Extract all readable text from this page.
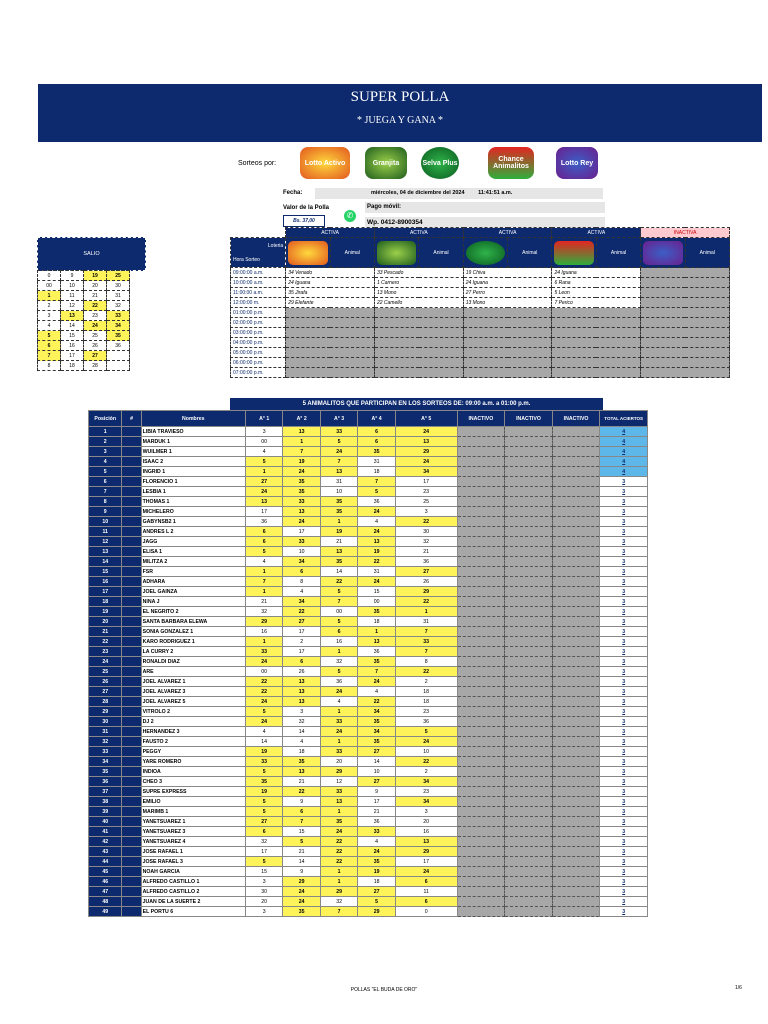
SUPER POLLA
* JUEGA Y GANA *
Sorteos por:	Lotto Activo	Granjita	Selva Plus	Chance Animalitos	Lotto Rey
Fecha:	miércoles, 04 de diciembre del 2024 11:41:51 a.m.
Valor de la Polla
Bs. 37,00
✆
Pago móvil:
Wp. 0412-8900354
SALIO
0	9	19	25
00	10	20	30
1	11	21	31
2	12	22	32
3	13	23	33
4	14	24	34
5	15	25	35
6	16	26	36
7	17	27	
8	18	28	
	ACTIVA		ACTIVA		ACTIVA		ACTIVA		INACTIVA	

Loteria
Hora Sorteo		Animal		Animal		Animal		Animal		Animal
09:00:00 a.m.	34 Venado		33 Pescado		19 Chiva		24 Iguana			
10:00:00 a.m.	24 Iguana		1 Carnero		24 Iguana		6 Rana			
11:00:00 a.m.	35 Jirafa		13 Mono		27 Perro		5 Leon			
12:00:00 m.	29 Elefante		22 Camello		13 Mono		7 Perico			
01:00:00 p.m.										
02:00:00 p.m.										
03:00:00 p.m.										
04:00:00 p.m.										
05:00:00 p.m.										
06:00:00 p.m.										
07:00:00 p.m.										
5 ANIMALITOS QUE PARTICIPAN EN LOS SORTEOS DE: 09:00 a.m. a 01:00 p.m.
Posición	#	Nombres	A° 1	A° 2	A° 3	A° 4	A° 5	INACTIVO	INACTIVO	INACTIVO	TOTAL ACIERTOS
1		LIBIA TRAVIESO	3	13	33	6	24				4
2		MARDUK 1	00	1	5	6	13				4
3		WUILMER 1	4	7	24	35	29				4
4		ISAAC 2	5	19	7	31	24				4
5		INGRID 1	1	24	13	18	34				4
6		FLORENCIO 1	27	35	31	7	17				3
7		LESBIA 1	24	35	10	5	23				3
8		THOMAS 1	13	33	35	36	25				3
9		MICHELERO	17	13	35	24	3				3
10		GABYNSB2 1	36	24	1	4	22				3
11		ANDRES L 2	6	17	19	24	30				3
12		JAGG	6	33	21	13	32				3
13		ELISA 1	5	10	13	19	21				3
14		MILITZA 2	4	34	35	22	36				3
15		FSR	1	6	14	31	27				3
16		ADHARA	7	8	22	24	26				3
17		JOEL GAINZA	1	4	5	15	29				3
18		NINA J	21	34	7	00	22				3
19		EL NEGRITO 2	32	22	00	35	1				3
20		SANTA BARBARA ELEWA	29	27	5	18	31				3
21		SONIA GONZALEZ 1	16	17	6	1	7				3
22		KARO RODRIGUEZ 1	1	2	16	13	33				3
23		LA CURRY 2	33	17	1	36	7				3
24		RONALDI DIAZ	24	6	32	35	8				3
25		ARE	00	26	5	7	22				3
26		JOEL ALVAREZ 1	22	13	36	24	2				3
27		JOEL ALVAREZ 3	22	13	24	4	18				3
28		JOEL ALVAREZ 5	24	13	4	22	18				3
29		VITROLO 2	5	3	1	34	23				3
30		DJ 2	24	32	33	35	36				3
31		HERNANDEZ 3	4	14	24	34	5				3
32		FAUSTO 2	14	4	1	35	24				3
33		PEGGY	19	18	33	27	10				3
34		YARE ROMERO	33	35	20	14	22				3
35		INDIOA	5	13	29	10	2				3
36		CHEO 3	35	21	12	27	34				3
37		SUPRE EXPRESS	19	22	33	9	23				3
38		EMILIO	5	9	13	17	34				3
39		MARIMB 1	5	6	1	21	3				3
40		YANETSUAREZ 1	27	7	35	36	20				3
41		YANETSUAREZ 3	6	15	24	33	16				3
42		YANETSUAREZ 4	32	5	22	4	13				3
43		JOSE RAFAEL 1	17	21	22	24	29				3
44		JOSE RAFAEL 3	5	14	22	35	17				3
45		NOAH GARCIA	15	9	1	19	24				3
46		ALFREDO CASTILLO 1	3	29	1	18	6				3
47		ALFREDO CASTILLO 2	30	24	29	27	11				3
48		JUAN DE LA SUERTE 2	20	24	32	5	6				3
49		EL PORTU 6	3	35	7	29	0				3
POLLAS "EL BUDA DE ORO"	1/6
